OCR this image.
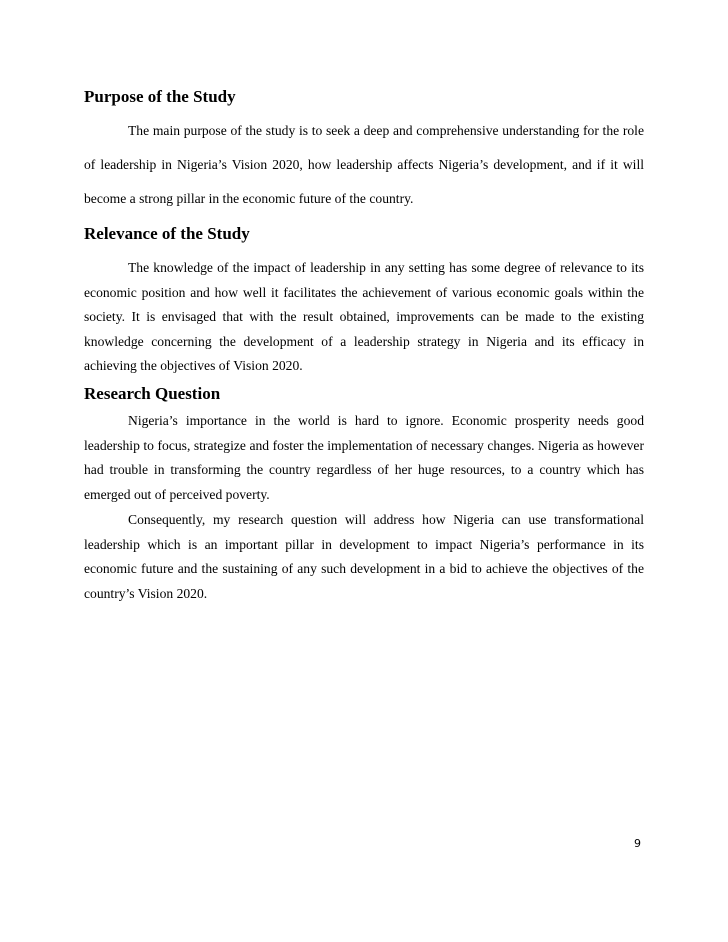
Purpose of the Study

The main purpose of the study is to seek a deep and comprehensive understanding for the role of leadership in Nigeria’s Vision 2020, how leadership affects Nigeria’s development, and if it will become a strong pillar in the economic future of the country.

Relevance of the Study

The knowledge of the impact of leadership in any setting has some degree of relevance to its economic position and how well it facilitates the achievement of various economic goals within the society. It is envisaged that with the result obtained, improvements can be made to the existing knowledge concerning the development of a leadership strategy in Nigeria and its efficacy in achieving the objectives of Vision 2020.

Research Question

Nigeria’s importance in the world is hard to ignore. Economic prosperity needs good leadership to focus, strategize and foster the implementation of necessary changes. Nigeria as however had trouble in transforming the country regardless of her huge resources, to a country which has emerged out of perceived poverty.

Consequently, my research question will address how Nigeria can use transformational leadership which is an important pillar in development to impact Nigeria’s performance in its economic future and the sustaining of any such development in a bid to achieve the objectives of the country’s Vision 2020.

9
